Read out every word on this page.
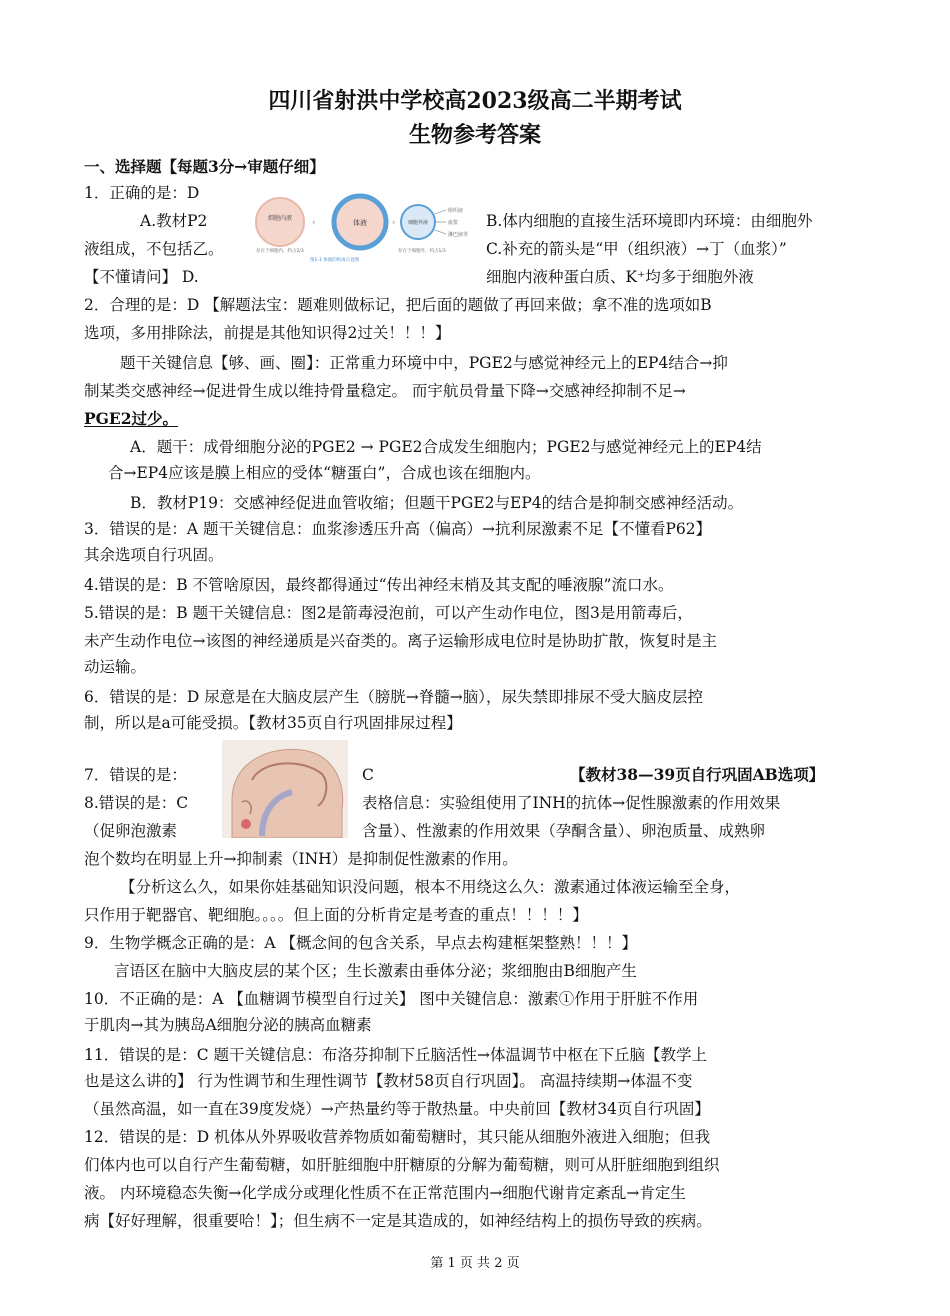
四川省射洪中学校高2023级高二半期考试
生物参考答案
一、选择题【每题3分→审题仔细】
1．正确的是：D
A.教材P2	B.体内细胞的直接生活环境即内环境：由细胞外
液组成，不包括乙。	C.补充的箭头是“甲（组织液）→丁（血浆）”
【不懂请问】 D.	细胞内液种蛋白质、K⁺均多于细胞外液
细胞内液 ‹	体液	› 细胞外液
组织液
血浆
淋巴液等
存在于细胞内，约占2/3	存在于细胞外，约占1/3
图1-1 体液的组成示意图
2．合理的是：D 【解题法宝：题难则做标记，把后面的题做了再回来做；拿不准的选项如B
选项，多用排除法，前提是其他知识得2过关！！！】
题干关键信息【够、画、圈】：正常重力环境中中，PGE2与感觉神经元上的EP4结合→抑
制某类交感神经→促进骨生成以维持骨量稳定。 而宇航员骨量下降→交感神经抑制不足→
PGE2过少。
A．题干：成骨细胞分泌的PGE2 → PGE2合成发生细胞内；PGE2与感觉神经元上的EP4结
合→EP4应该是膜上相应的受体“糖蛋白”，合成也该在细胞内。
B．教材P19：交感神经促进血管收缩；但题干PGE2与EP4的结合是抑制交感神经活动。
3．错误的是：A 题干关键信息：血浆渗透压升高（偏高）→抗利尿激素不足【不懂看P62】
其余选项自行巩固。
4.错误的是：B 不管啥原因，最终都得通过“传出神经末梢及其支配的唾液腺”流口水。
5.错误的是：B 题干关键信息：图2是箭毒浸泡前，可以产生动作电位，图3是用箭毒后，
未产生动作电位→该图的神经递质是兴奋类的。离子运输形成电位时是协助扩散，恢复时是主
动运输。
6．错误的是：D 尿意是在大脑皮层产生（膀胱→脊髓→脑），尿失禁即排尿不受大脑皮层控
制，所以是a可能受损。【教材35页自行巩固排尿过程】
7．错误的是：	C	【教材38—39页自行巩固AB选项】
8.错误的是：C	表格信息：实验组使用了INH的抗体→促性腺激素的作用效果
（促卵泡激素	含量）、性激素的作用效果（孕酮含量）、卵泡质量、成熟卵
泡个数均在明显上升→抑制素（INH）是抑制促性激素的作用。
【分析这么久，如果你娃基础知识没问题，根本不用绕这么久：激素通过体液运输至全身，
只作用于靶器官、靶细胞。。。。但上面的分析肯定是考查的重点！！！！】
9．生物学概念正确的是：A 【概念间的包含关系，早点去构建框架整熟！！！】
言语区在脑中大脑皮层的某个区；生长激素由垂体分泌；浆细胞由B细胞产生
10．不正确的是：A 【血糖调节模型自行过关】 图中关键信息：激素①作用于肝脏不作用
于肌肉→其为胰岛A细胞分泌的胰高血糖素
11．错误的是：C 题干关键信息：布洛芬抑制下丘脑活性→体温调节中枢在下丘脑【教学上
也是这么讲的】 行为性调节和生理性调节【教材58页自行巩固】。 高温持续期→体温不变
（虽然高温，如一直在39度发烧）→产热量约等于散热量。中央前回【教材34页自行巩固】
12．错误的是：D 机体从外界吸收营养物质如葡萄糖时，其只能从细胞外液进入细胞；但我
们体内也可以自行产生葡萄糖，如肝脏细胞中肝糖原的分解为葡萄糖，则可从肝脏细胞到组织
液。 内环境稳态失衡→化学成分或理化性质不在正常范围内→细胞代谢肯定紊乱→肯定生
病【好好理解，很重要哈！】；但生病不一定是其造成的，如神经结构上的损伤导致的疾病。
第 1 页 共 2 页
